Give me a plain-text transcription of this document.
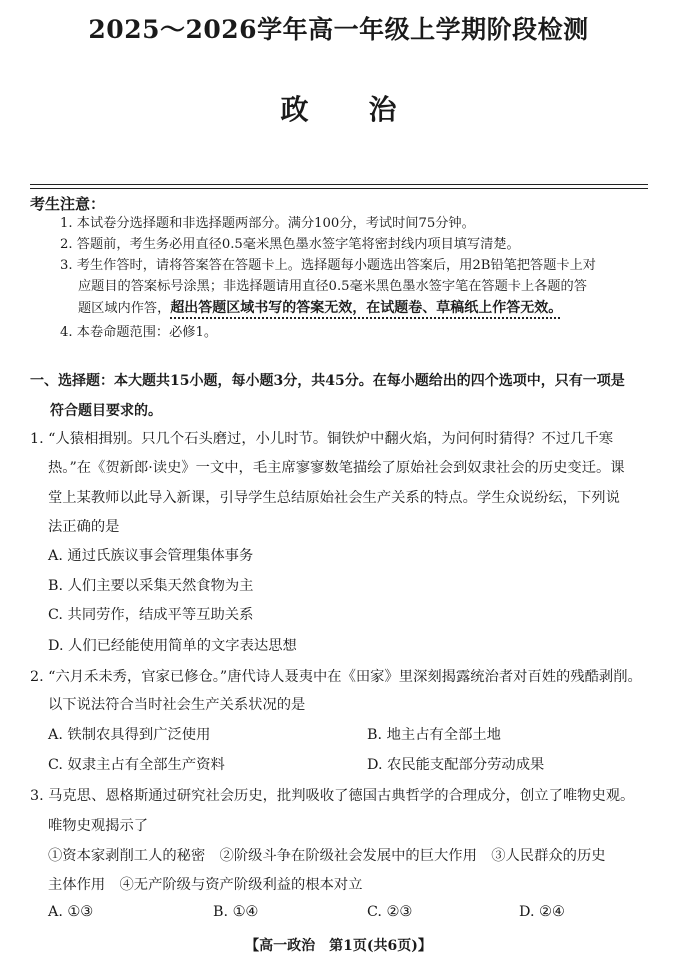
2025～2026学年高一年级上学期阶段检测
政治
考生注意：
1. 本试卷分选择题和非选择题两部分。满分100分，考试时间75分钟。
2. 答题前，考生务必用直径0.5毫米黑色墨水签字笔将密封线内项目填写清楚。
3. 考生作答时，请将答案答在答题卡上。选择题每小题选出答案后，用2B铅笔把答题卡上对
应题目的答案标号涂黑；非选择题请用直径0.5毫米黑色墨水签字笔在答题卡上各题的答
题区域内作答，超出答题区域书写的答案无效，在试题卷、草稿纸上作答无效。
4. 本卷命题范围：必修1。
一、选择题：本大题共15小题，每小题3分，共45分。在每小题给出的四个选项中，只有一项是
符合题目要求的。
1. “人猿相揖别。只几个石头磨过，小儿时节。铜铁炉中翻火焰，为问何时猜得？不过几千寒
热。”在《贺新郎·读史》一文中，毛主席寥寥数笔描绘了原始社会到奴隶社会的历史变迁。课
堂上某教师以此导入新课，引导学生总结原始社会生产关系的特点。学生众说纷纭，下列说
法正确的是
A. 通过氏族议事会管理集体事务
B. 人们主要以采集天然食物为主
C. 共同劳作，结成平等互助关系
D. 人们已经能使用简单的文字表达思想
2. “六月禾未秀，官家已修仓。”唐代诗人聂夷中在《田家》里深刻揭露统治者对百姓的残酷剥削。
以下说法符合当时社会生产关系状况的是
A. 铁制农具得到广泛使用	B. 地主占有全部土地
C. 奴隶主占有全部生产资料	D. 农民能支配部分劳动成果
3. 马克思、恩格斯通过研究社会历史，批判吸收了德国古典哲学的合理成分，创立了唯物史观。
唯物史观揭示了
①资本家剥削工人的秘密　②阶级斗争在阶级社会发展中的巨大作用　③人民群众的历史
主体作用　④无产阶级与资产阶级利益的根本对立
A. ①③	B. ①④	C. ②③	D. ②④
【高一政治　第1页(共6页)】
